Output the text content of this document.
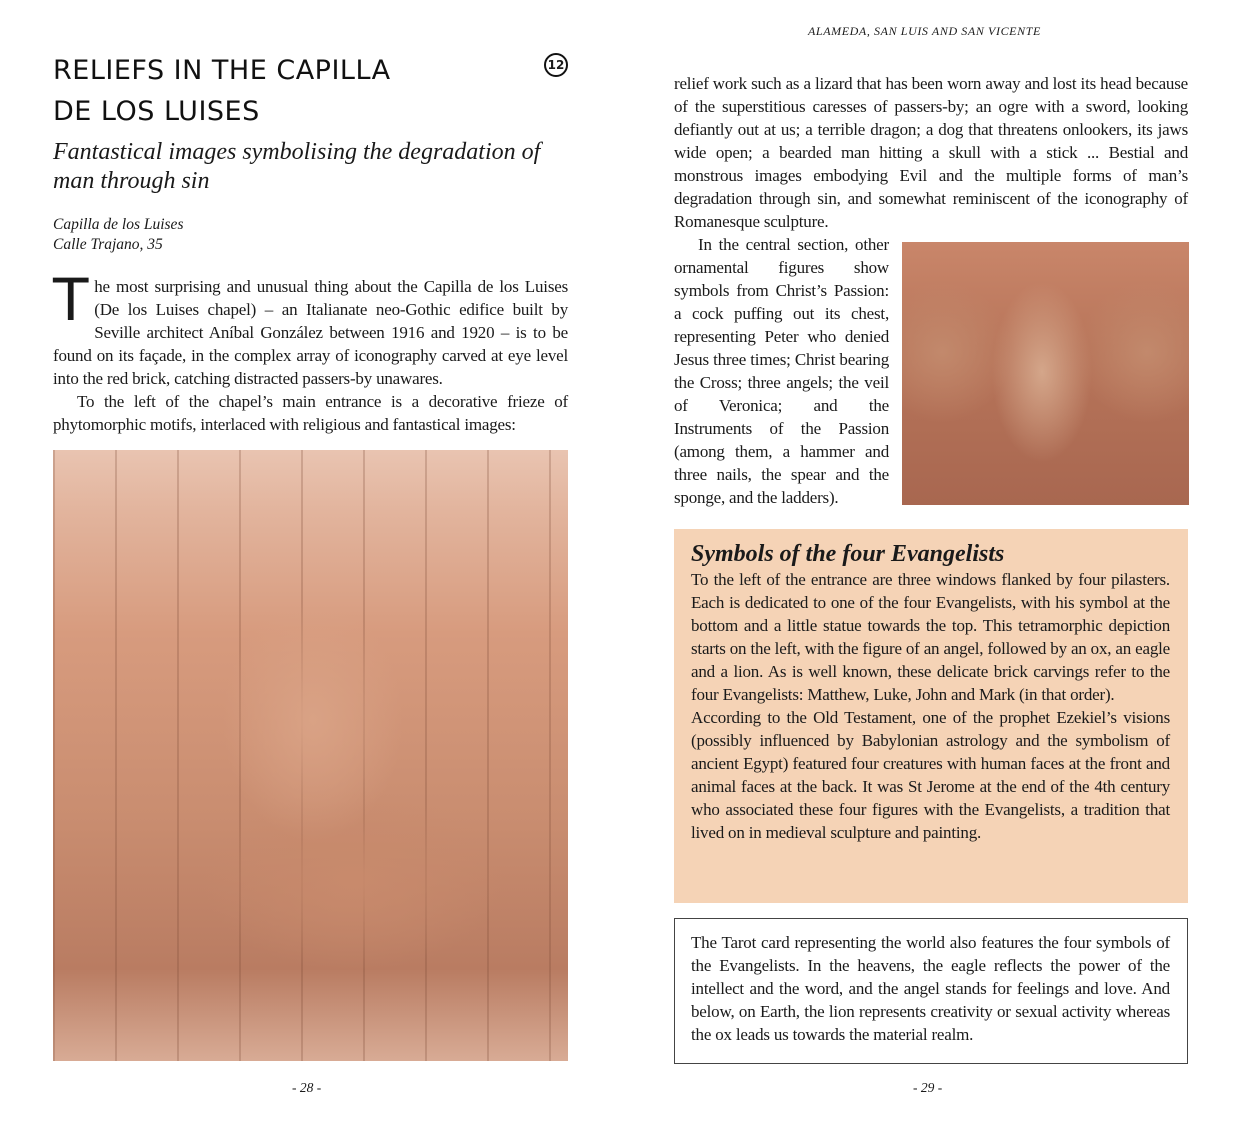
RELIEFS IN THE CAPILLA
DE LOS LUISES
12

Fantastical images symbolising the degradation of man through sin

Capilla de los Luises
Calle Trajano, 35

The most surprising and unusual thing about the Capilla de los Luises (De los Luises chapel) – an Italianate neo-Gothic edifice built by Seville architect Aníbal González between 1916 and 1920 – is to be found on its façade, in the complex array of iconography carved at eye level into the red brick, catching distracted passers-by unawares.

To the left of the chapel’s main entrance is a decorative frieze of phytomorphic motifs, interlaced with religious and fantastical images:

- 28 -
ALAMEDA, SAN LUIS AND SAN VICENTE

relief work such as a lizard that has been worn away and lost its head because of the superstitious caresses of passers-by; an ogre with a sword, looking defiantly out at us; a terrible dragon; a dog that threatens onlookers, its jaws wide open; a bearded man hitting a skull with a stick ... Bestial and monstrous images embodying Evil and the multiple forms of man’s degradation through sin, and somewhat reminiscent of the iconography of Romanesque sculpture.

In the central section, other ornamental figures show symbols from Christ’s Passion: a cock puffing out its chest, representing Peter who denied Jesus three times; Christ bearing the Cross; three angels; the veil of Veronica; and the Instruments of the Passion (among them, a hammer and three nails, the spear and the sponge, and the ladders).

Symbols of the four Evangelists

To the left of the entrance are three windows flanked by four pilasters. Each is dedicated to one of the four Evangelists, with his symbol at the bottom and a little statue towards the top. This tetramorphic depiction starts on the left, with the figure of an angel, followed by an ox, an eagle and a lion. As is well known, these delicate brick carvings refer to the four Evangelists: Matthew, Luke, John and Mark (in that order).

According to the Old Testament, one of the prophet Ezekiel’s visions (possibly influenced by Babylonian astrology and the symbolism of ancient Egypt) featured four creatures with human faces at the front and animal faces at the back. It was St Jerome at the end of the 4th century who associated these four figures with the Evangelists, a tradition that lived on in medieval sculpture and painting.

The Tarot card representing the world also features the four symbols of the Evangelists. In the heavens, the eagle reflects the power of the intellect and the word, and the angel stands for feelings and love. And below, on Earth, the lion represents creativity or sexual activity whereas the ox leads us towards the material realm.

- 29 -
